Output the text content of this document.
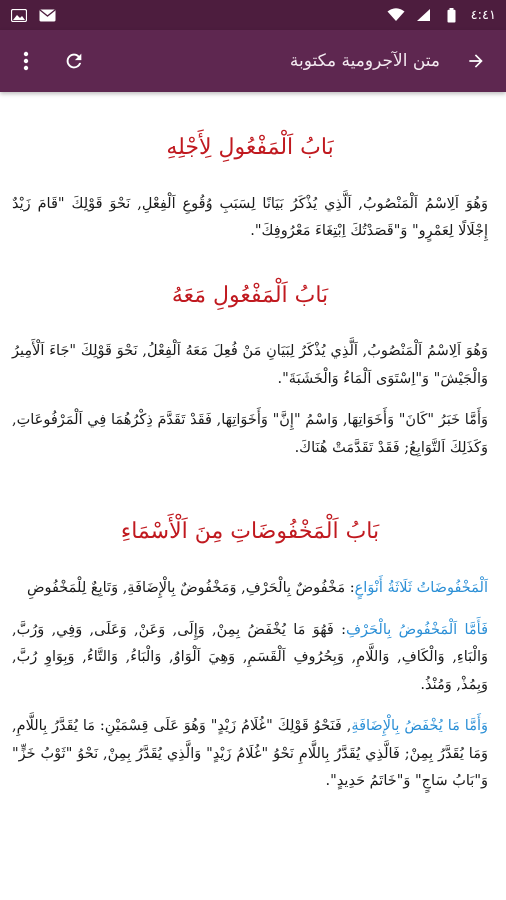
٤:٤١
متن الآجرومية مكتوبة
بَابُ اَلْمَفْعُولِ لِأَجْلِهِ

وَهُوَ اَلِاسْمُ اَلْمَنْصُوبُ, اَلَّذِي يُذْكَرُ بَيَانًا لِسَبَبِ وُقُوعِ اَلْفِعْلِ, نَحْوَ قَوْلِكَ "قَامَ زَيْدٌ إِجْلَالًا لِعَمْرٍو" وَ"قَصَدْتُكَ اِبْتِغَاءَ مَعْرُوفِكَ".

بَابُ اَلْمَفْعُولِ مَعَهُ

وَهُوَ اَلِاسْمُ اَلْمَنْصُوبُ, اَلَّذِي يُذْكَرُ لِبَيَانِ مَنْ فُعِلَ مَعَهُ اَلْفِعْلُ, نَحْوَ قَوْلِكَ "جَاءَ اَلْأَمِيرُ وَالْجَيْشَ" وَ"اِسْتَوَى اَلْمَاءُ وَالْخَشَبَةَ".

وَأَمَّا خَبَرُ "كَانَ" وَأَخَوَاتِهَا, وَاسْمُ "إِنَّ" وَأَخَوَاتِهَا, فَقَدْ تَقَدَّمَ ذِكْرُهُمَا فِي اَلْمَرْفُوعَاتِ, وَكَذَلِكَ اَلتَّوَابِعُ; فَقَدْ تَقَدَّمَتْ هُنَاكَ.

بَابُ اَلْمَخْفُوضَاتِ مِنَ اَلْأَسْمَاءِ

اَلْمَخْفُوضَاتُ ثَلَاثَةُ أَنْوَاعٍ: مَخْفُوضٌ بِالْحَرْفِ, وَمَخْفُوضٌ بِالْإِضَافَةِ, وَتَابِعٌ لِلْمَخْفُوضِ

فَأَمَّا اَلْمَخْفُوضُ بِالْحَرْفِ: فَهُوَ مَا يُخْفَضُ بِمِنْ, وَإِلَى, وَعَنْ, وَعَلَى, وَفِي, وَرُبَّ, وَالْبَاءِ, وَالْكَافِ, وَاللَّامِ, وَبِحُرُوفِ اَلْقَسَمِ, وَهِيَ اَلْوَاوُ, وَالْبَاءُ, وَالتَّاءُ, وَبِوَاوِ رُبَّ, وَبِمُذْ, وَمُنْذُ.

وَأَمَّا مَا يُخْفَضُ بِالْإِضَافَةِ, فَنَحْوُ قَوْلِكَ "غُلَامُ زَيْدٍ" وَهُوَ عَلَى قِسْمَيْنِ: مَا يُقَدَّرُ بِاللَّامِ, وَمَا يُقَدَّرُ بِمِنْ; فَالَّذِي يُقَدَّرُ بِاللَّامِ نَحْوُ "غُلَامُ زَيْدٍ" وَالَّذِي يُقَدَّرُ بِمِنْ, نَحْوُ "ثَوْبُ خَزٍّ" وَ"بَابُ سَاجٍ" وَ"خَاتَمُ حَدِيدٍ".
